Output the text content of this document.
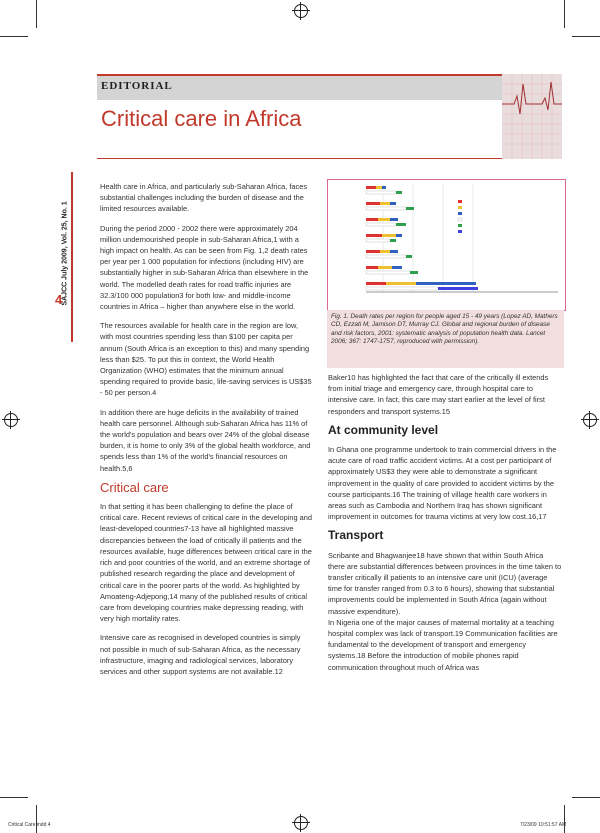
EDITORIAL
Critical care in Africa
SAJCC July 2009, Vol. 25, No. 1
4

Health care in Africa, and particularly sub-Saharan Africa, faces substantial challenges including the burden of disease and the limited resources available.

During the period 2000 - 2002 there were approximately 204 million undernourished people in sub-Saharan Africa,1 with a high impact on health. As can be seen from Fig. 1,2 death rates per year per 1 000 population for infections (including HIV) are substantially higher in sub-Saharan Africa than elsewhere in the world. The modelled death rates for road traffic injuries are 32.3/100 000 population3 for both low- and middle-income countries in Africa – higher than anywhere else in the world.

The resources available for health care in the region are low, with most countries spending less than $100 per capita per annum (South Africa is an exception to this) and many spending less than $25. To put this in context, the World Health Organization (WHO) estimates that the minimum annual spending required to provide basic, life-saving services is US$35 - 50 per person.4

In addition there are huge deficits in the availability of trained health care personnel. Although sub-Saharan Africa has 11% of the world's population and bears over 24% of the global disease burden, it is home to only 3% of the global health workforce, and spends less than 1% of the world's financial resources on health.5,6

Critical care

In that setting it has been challenging to define the place of critical care. Recent reviews of critical care in the developing and least-developed countries7-13 have all highlighted massive discrepancies between the load of critically ill patients and the resources available, huge differences between critical care in the rich and poor countries of the world, and an extreme shortage of published research regarding the place and development of critical care in the poorer parts of the world. As highlighted by Amoateng-Adjepong,14 many of the published results of critical care from developing countries make depressing reading, with very high mortality rates.

Intensive care as recognised in developed countries is simply not possible in much of sub-Saharan Africa, as the necessary infrastructure, imaging and radiological services, laboratory services and other support systems are not available.12

Fig. 1. Death rates per region for people aged 15 - 49 years (Lopez AD, Mathers CD, Ezzati M, Jamison DT, Murray CJ. Global and regional burden of disease and risk factors, 2001: systematic analysis of population health data. Lancet 2006; 367: 1747-1757, reproduced with permission).

Baker10 has highlighted the fact that care of the critically ill extends from initial triage and emergency care, through hospital care to intensive care. In fact, this care may start earlier at the level of first responders and transport systems.15

At community level

In Ghana one programme undertook to train commercial drivers in the acute care of road traffic accident victims. At a cost per participant of approximately US$3 they were able to demonstrate a significant improvement in the quality of care provided to accident victims by the course participants.16 The training of village health care workers in areas such as Cambodia and Northern Iraq has shown significant improvement in outcomes for trauma victims at very low cost.16,17

Transport

Scribante and Bhagwanjee18 have shown that within South Africa there are substantial differences between provinces in the time taken to transfer critically ill patients to an intensive care unit (ICU) (average time for transfer ranged from 0.3 to 6 hours), showing that substantial improvements could be implemented in South Africa (again without massive expenditure).

In Nigeria one of the major causes of maternal mortality at a teaching hospital complex was lack of transport.19 Communication facilities are fundamental to the development of transport and emergency systems.18 Before the introduction of mobile phones rapid communication throughout much of Africa was

Critical Care.indd 4	7/23/09 10:51:57 AM
